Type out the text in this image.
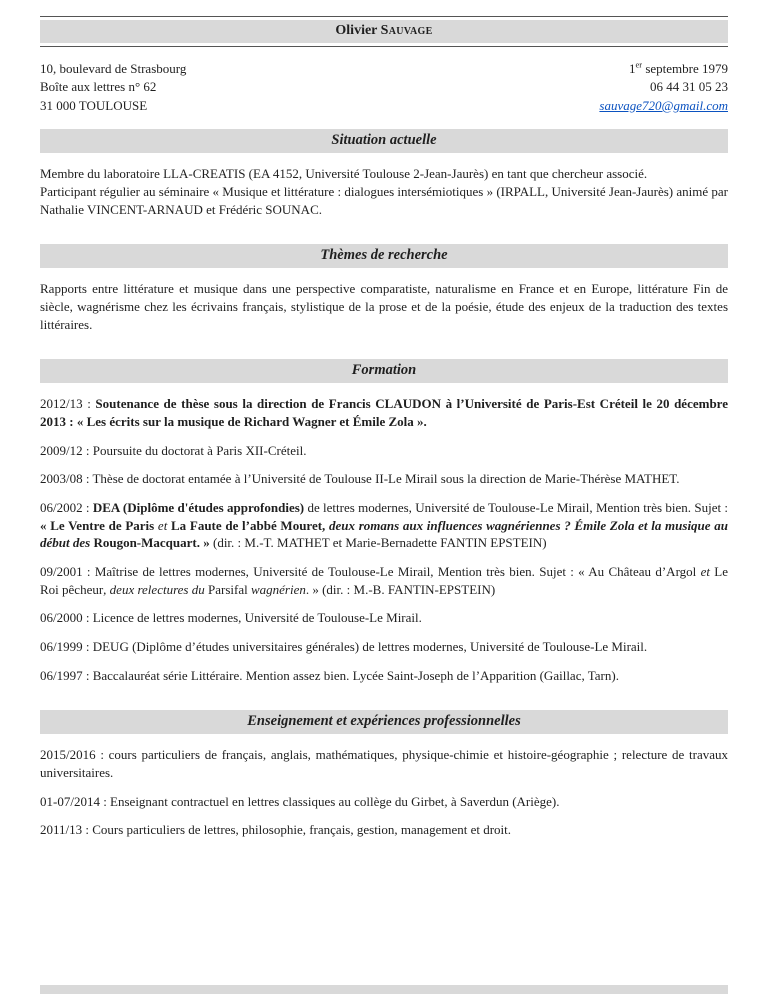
Olivier Sauvage
10, boulevard de Strasbourg
Boîte aux lettres n° 62
31 000 TOULOUSE
1er septembre 1979
06 44 31 05 23
sauvage720@gmail.com
Situation actuelle

Membre du laboratoire LLA-CREATIS (EA 4152, Université Toulouse 2-Jean-Jaurès) en tant que chercheur associé.

Participant régulier au séminaire « Musique et littérature : dialogues intersémiotiques » (IRPALL, Université Jean-Jaurès) animé par Nathalie VINCENT-ARNAUD et Frédéric SOUNAC.

Thèmes de recherche

Rapports entre littérature et musique dans une perspective comparatiste, naturalisme en France et en Europe, littérature Fin de siècle, wagnérisme chez les écrivains français, stylistique de la prose et de la poésie, étude des enjeux de la traduction des textes littéraires.

Formation

2012/13 : Soutenance de thèse sous la direction de Francis CLAUDON à l’Université de Paris-Est Créteil le 20 décembre 2013 : « Les écrits sur la musique de Richard Wagner et Émile Zola ».

2009/12 : Poursuite du doctorat à Paris XII-Créteil.

2003/08 : Thèse de doctorat entamée à l’Université de Toulouse II-Le Mirail sous la direction de Marie-Thérèse MATHET.

06/2002 : DEA (Diplôme d'études approfondies) de lettres modernes, Université de Toulouse-Le Mirail, Mention très bien. Sujet : « Le Ventre de Paris et La Faute de l’abbé Mouret, deux romans aux influences wagnériennes ? Émile Zola et la musique au début des Rougon-Macquart. » (dir. : M.-T. MATHET et Marie-Bernadette FANTIN EPSTEIN)

09/2001 : Maîtrise de lettres modernes, Université de Toulouse-Le Mirail, Mention très bien. Sujet : « Au Château d’Argol et Le Roi pêcheur, deux relectures du Parsifal wagnérien. » (dir. : M.-B. FANTIN-EPSTEIN)

06/2000 : Licence de lettres modernes, Université de Toulouse-Le Mirail.

06/1999 : DEUG (Diplôme d’études universitaires générales) de lettres modernes, Université de Toulouse-Le Mirail.

06/1997 : Baccalauréat série Littéraire. Mention assez bien. Lycée Saint-Joseph de l’Apparition (Gaillac, Tarn).

Enseignement et expériences professionnelles

2015/2016 : cours particuliers de français, anglais, mathématiques, physique-chimie et histoire-géographie ; relecture de travaux universitaires.

01-07/2014 : Enseignant contractuel en lettres classiques au collège du Girbet, à Saverdun (Ariège).

2011/13 : Cours particuliers de lettres, philosophie, français, gestion, management et droit.
